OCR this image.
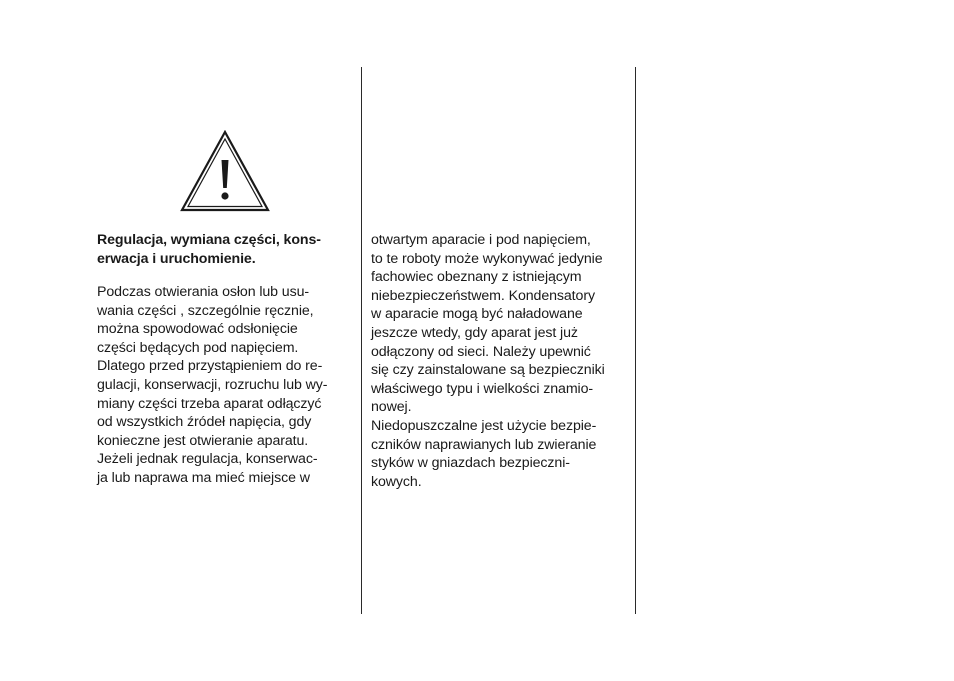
Regulacja, wymiana części, kons-
erwacja i uruchomienie.
Podczas otwierania osłon lub usu-
wania części , szczególnie ręcznie,
można spowodować odsłonięcie
części będących pod napięciem.
Dlatego przed przystąpieniem do re-
gulacji, konserwacji, rozruchu lub wy-
miany części trzeba aparat odłączyć
od wszystkich źródeł napięcia, gdy
konieczne jest otwieranie aparatu.
Jeżeli jednak regulacja, konserwac-
ja lub naprawa ma mieć miejsce w
otwartym aparacie i pod napięciem,
to te roboty może wykonywać jedynie
fachowiec obeznany z istniejącym
niebezpieczeństwem. Kondensatory
w aparacie mogą być naładowane
jeszcze wtedy, gdy aparat jest już
odłączony od sieci. Należy upewnić
się czy zainstalowane są bezpieczniki
właściwego typu i wielkości znamio-
nowej.
Niedopuszczalne jest użycie bezpie-
czników naprawianych lub zwieranie
styków w gniazdach bezpieczni-
kowych.
